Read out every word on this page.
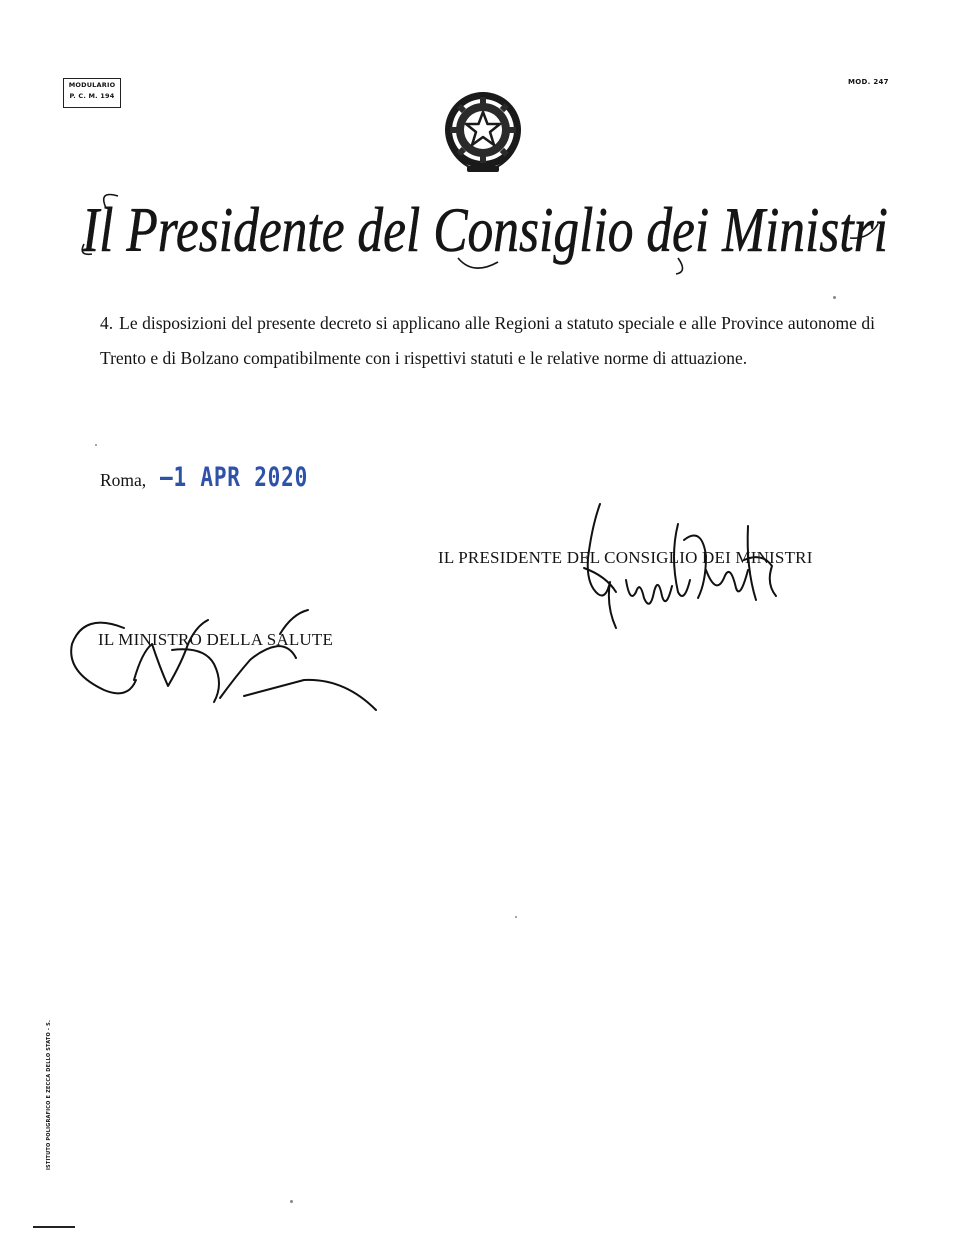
MODULARIO
P. C. M. 194
MOD. 247
Il Presidente del Consiglio dei Ministri
4. Le disposizioni del presente decreto si applicano alle Regioni a statuto speciale e alle Province autonome di Trento e di Bolzano compatibilmente con i rispettivi statuti e le relative norme di attuazione.
Roma, –1 APR 2020
IL PRESIDENTE DEL CONSIGLIO DEI MINISTRI
IL MINISTRO DELLA SALUTE
ISTITUTO POLIGRAFICO E ZECCA DELLO STATO - S.
